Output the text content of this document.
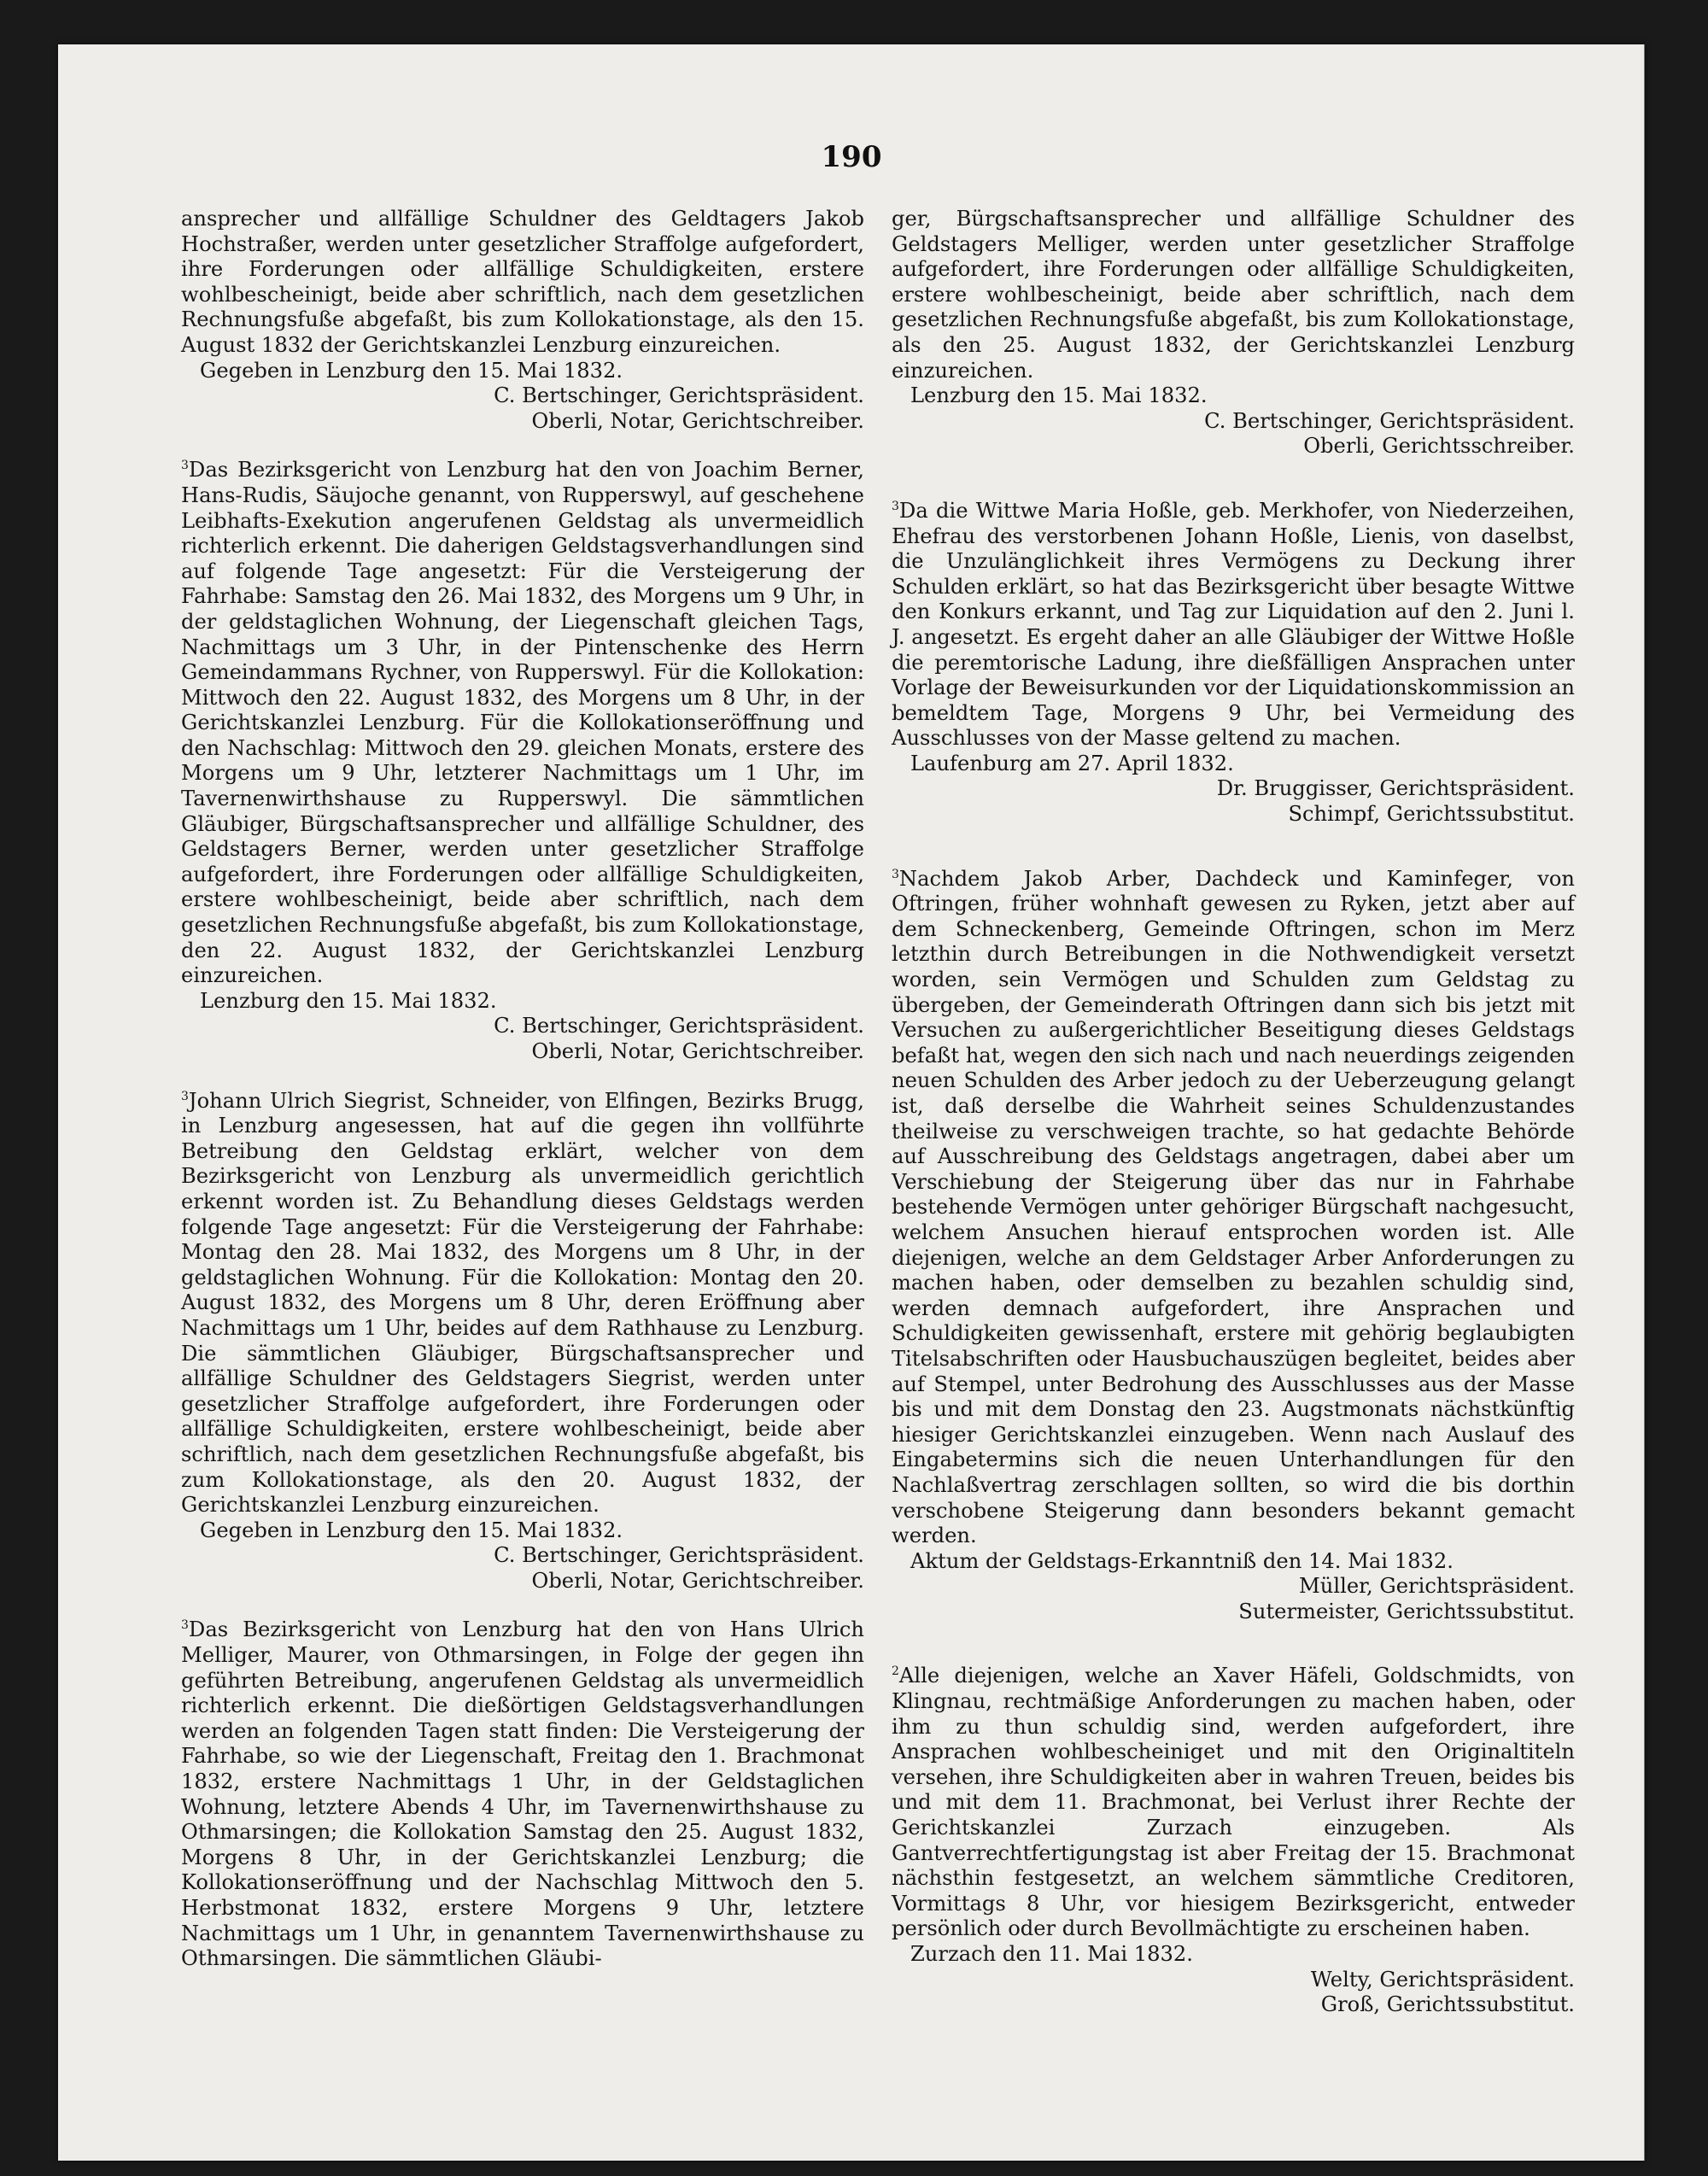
190

ansprecher und allfällige Schuldner des Geldtagers Jakob Hochstraßer, werden unter gesetzlicher Straffolge aufgefordert, ihre Forderungen oder allfällige Schuldigkeiten, erstere wohlbescheinigt, beide aber schriftlich, nach dem gesetzlichen Rechnungsfuße abgefaßt, bis zum Kollokationstage, als den 15. August 1832 der Gerichtskanzlei Lenzburg einzureichen.

Gegeben in Lenzburg den 15. Mai 1832.

C. Bertschinger, Gerichtspräsident.

Oberli, Notar, Gerichtschreiber.

$^3$Das Bezirksgericht von Lenzburg hat den von Joachim Berner, Hans-Rudis, Säujoche genannt, von Rupperswyl, auf geschehene Leibhafts-Exekution angerufenen Geldstag als unvermeidlich richterlich erkennt. Die daherigen Geldstagsverhandlungen sind auf folgende Tage angesetzt: Für die Versteigerung der Fahrhabe: Samstag den 26. Mai 1832, des Morgens um 9 Uhr, in der geldstaglichen Wohnung, der Liegenschaft gleichen Tags, Nachmittags um 3 Uhr, in der Pintenschenke des Herrn Gemeindammans Rychner, von Rupperswyl. Für die Kollokation: Mittwoch den 22. August 1832, des Morgens um 8 Uhr, in der Gerichtskanzlei Lenzburg. Für die Kollokationseröffnung und den Nachschlag: Mittwoch den 29. gleichen Monats, erstere des Morgens um 9 Uhr, letzterer Nachmittags um 1 Uhr, im Tavernenwirthshause zu Rupperswyl. Die sämmtlichen Gläubiger, Bürgschaftsansprecher und allfällige Schuldner, des Geldstagers Berner, werden unter gesetzlicher Straffolge aufgefordert, ihre Forderungen oder allfällige Schuldigkeiten, erstere wohlbescheinigt, beide aber schriftlich, nach dem gesetzlichen Rechnungsfuße abgefaßt, bis zum Kollokationstage, den 22. August 1832, der Gerichtskanzlei Lenzburg einzureichen.

Lenzburg den 15. Mai 1832.

C. Bertschinger, Gerichtspräsident.

Oberli, Notar, Gerichtschreiber.

$^3$Johann Ulrich Siegrist, Schneider, von Elfingen, Bezirks Brugg, in Lenzburg angesessen, hat auf die gegen ihn vollführte Betreibung den Geldstag erklärt, welcher von dem Bezirksgericht von Lenzburg als unvermeidlich gerichtlich erkennt worden ist. Zu Behandlung dieses Geldstags werden folgende Tage angesetzt: Für die Versteigerung der Fahrhabe: Montag den 28. Mai 1832, des Morgens um 8 Uhr, in der geldstaglichen Wohnung. Für die Kollokation: Montag den 20. August 1832, des Morgens um 8 Uhr, deren Eröffnung aber Nachmittags um 1 Uhr, beides auf dem Rathhause zu Lenzburg. Die sämmtlichen Gläubiger, Bürgschaftsansprecher und allfällige Schuldner des Geldstagers Siegrist, werden unter gesetzlicher Straffolge aufgefordert, ihre Forderungen oder allfällige Schuldigkeiten, erstere wohlbescheinigt, beide aber schriftlich, nach dem gesetzlichen Rechnungsfuße abgefaßt, bis zum Kollokationstage, als den 20. August 1832, der Gerichtskanzlei Lenzburg einzureichen.

Gegeben in Lenzburg den 15. Mai 1832.

C. Bertschinger, Gerichtspräsident.

Oberli, Notar, Gerichtschreiber.

$^3$Das Bezirksgericht von Lenzburg hat den von Hans Ulrich Melliger, Maurer, von Othmarsingen, in Folge der gegen ihn geführten Betreibung, angerufenen Geldstag als unvermeidlich richterlich erkennt. Die dießörtigen Geldstagsverhandlungen werden an folgenden Tagen statt finden: Die Versteigerung der Fahrhabe, so wie der Liegenschaft, Freitag den 1. Brachmonat 1832, erstere Nachmittags 1 Uhr, in der Geldstaglichen Wohnung, letztere Abends 4 Uhr, im Tavernenwirthshause zu Othmarsingen; die Kollokation Samstag den 25. August 1832, Morgens 8 Uhr, in der Gerichtskanzlei Lenzburg; die Kollokationseröffnung und der Nachschlag Mittwoch den 5. Herbstmonat 1832, erstere Morgens 9 Uhr, letztere Nachmittags um 1 Uhr, in genanntem Tavernenwirthshause zu Othmarsingen. Die sämmtlichen Gläubi-

ger, Bürgschaftsansprecher und allfällige Schuldner des Geldstagers Melliger, werden unter gesetzlicher Straffolge aufgefordert, ihre Forderungen oder allfällige Schuldigkeiten, erstere wohlbescheinigt, beide aber schriftlich, nach dem gesetzlichen Rechnungsfuße abgefaßt, bis zum Kollokationstage, als den 25. August 1832, der Gerichtskanzlei Lenzburg einzureichen.

Lenzburg den 15. Mai 1832.

C. Bertschinger, Gerichtspräsident.

Oberli, Gerichtsschreiber.

$^3$Da die Wittwe Maria Hoßle, geb. Merkhofer, von Niederzeihen, Ehefrau des verstorbenen Johann Hoßle, Lienis, von daselbst, die Unzulänglichkeit ihres Vermögens zu Deckung ihrer Schulden erklärt, so hat das Bezirksgericht über besagte Wittwe den Konkurs erkannt, und Tag zur Liquidation auf den 2. Juni l. J. angesetzt. Es ergeht daher an alle Gläubiger der Wittwe Hoßle die peremtorische Ladung, ihre dießfälligen Ansprachen unter Vorlage der Beweisurkunden vor der Liquidationskommission an bemeldtem Tage, Morgens 9 Uhr, bei Vermeidung des Ausschlusses von der Masse geltend zu machen.

Laufenburg am 27. April 1832.

Dr. Bruggisser, Gerichtspräsident.

Schimpf, Gerichtssubstitut.

$^3$Nachdem Jakob Arber, Dachdeck und Kaminfeger, von Oftringen, früher wohnhaft gewesen zu Ryken, jetzt aber auf dem Schneckenberg, Gemeinde Oftringen, schon im Merz letzthin durch Betreibungen in die Nothwendigkeit versetzt worden, sein Vermögen und Schulden zum Geldstag zu übergeben, der Gemeinderath Oftringen dann sich bis jetzt mit Versuchen zu außergerichtlicher Beseitigung dieses Geldstags befaßt hat, wegen den sich nach und nach neuerdings zeigenden neuen Schulden des Arber jedoch zu der Ueberzeugung gelangt ist, daß derselbe die Wahrheit seines Schuldenzustandes theilweise zu verschweigen trachte, so hat gedachte Behörde auf Ausschreibung des Geldstags angetragen, dabei aber um Verschiebung der Steigerung über das nur in Fahrhabe bestehende Vermögen unter gehöriger Bürgschaft nachgesucht, welchem Ansuchen hierauf entsprochen worden ist. Alle diejenigen, welche an dem Geldstager Arber Anforderungen zu machen haben, oder demselben zu bezahlen schuldig sind, werden demnach aufgefordert, ihre Ansprachen und Schuldigkeiten gewissenhaft, erstere mit gehörig beglaubigten Titelsabschriften oder Hausbuchauszügen begleitet, beides aber auf Stempel, unter Bedrohung des Ausschlusses aus der Masse bis und mit dem Donstag den 23. Augstmonats nächstkünftig hiesiger Gerichtskanzlei einzugeben. Wenn nach Auslauf des Eingabetermins sich die neuen Unterhandlungen für den Nachlaßvertrag zerschlagen sollten, so wird die bis dorthin verschobene Steigerung dann besonders bekannt gemacht werden.

Aktum der Geldstags-Erkanntniß den 14. Mai 1832.

Müller, Gerichtspräsident.

Sutermeister, Gerichtssubstitut.

$^2$Alle diejenigen, welche an Xaver Häfeli, Goldschmidts, von Klingnau, rechtmäßige Anforderungen zu machen haben, oder ihm zu thun schuldig sind, werden aufgefordert, ihre Ansprachen wohlbescheiniget und mit den Originaltiteln versehen, ihre Schuldigkeiten aber in wahren Treuen, beides bis und mit dem 11. Brachmonat, bei Verlust ihrer Rechte der Gerichtskanzlei Zurzach einzugeben. Als Gantverrechtfertigungstag ist aber Freitag der 15. Brachmonat nächsthin festgesetzt, an welchem sämmtliche Creditoren, Vormittags 8 Uhr, vor hiesigem Bezirksgericht, entweder persönlich oder durch Bevollmächtigte zu erscheinen haben.

Zurzach den 11. Mai 1832.

Welty, Gerichtspräsident.

Groß, Gerichtssubstitut.
